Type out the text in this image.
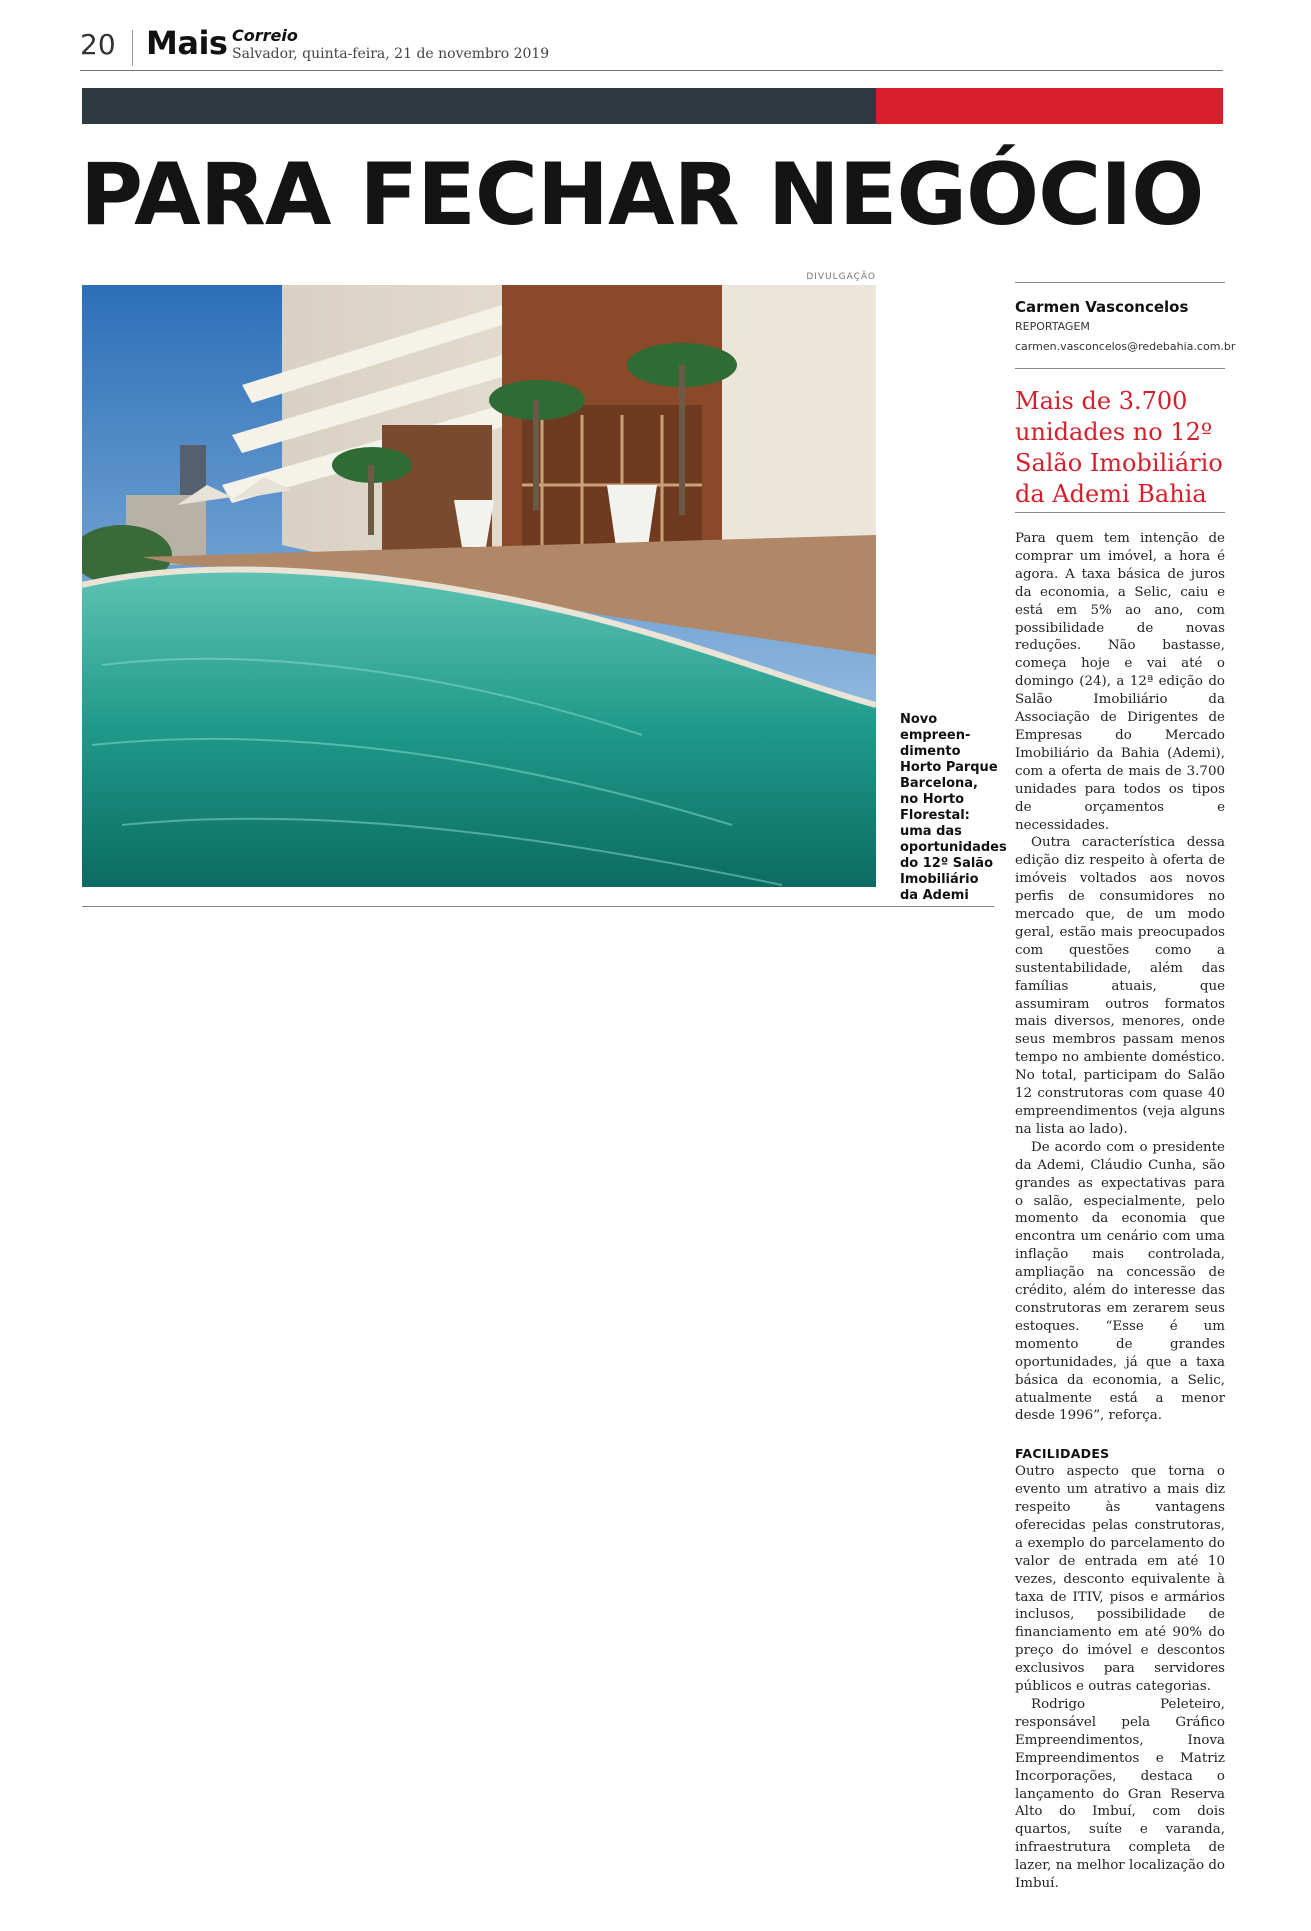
20 Mais Correio
Salvador, quinta-feira, 21 de novembro 2019
PARA FECHAR NEGÓCIO
DIVULGAÇÃO
Novo empreen-dimento Horto Parque Barcelona, no Horto Florestal: uma das oportunidades do 12º Salão Imobiliário da Ademi
Carmen Vasconcelos
REPORTAGEM
carmen.vasconcelos@redebahia.com.br
Mais de 3.700 unidades no 12º Salão Imobiliário da Ademi Bahia

Para quem tem intenção de comprar um imóvel, a hora é agora. A taxa básica de juros da economia, a Selic, caiu e está em 5% ao ano, com possibilidade de novas reduções. Não bastasse, começa hoje e vai até o domingo (24), a 12ª edição do Salão Imobiliário da Associação de Dirigentes de Empresas do Mercado Imobiliário da Bahia (Ademi), com a oferta de mais de 3.700 unidades para todos os tipos de orçamentos e necessidades.

Outra característica dessa edição diz respeito à oferta de imóveis voltados aos novos perfis de consumidores no mercado que, de um modo geral, estão mais preocupados com questões como a sustentabilidade, além das famílias atuais, que assumiram outros formatos mais diversos, menores, onde seus membros passam menos tempo no ambiente doméstico. No total, participam do Salão 12 construtoras com quase 40 empreendimentos (veja alguns na lista ao lado).

De acordo com o presidente da Ademi, Cláudio Cunha, são grandes as expectativas para o salão, especialmente, pelo momento da economia que encontra um cenário com uma inflação mais controlada, ampliação na concessão de crédito, além do interesse das construtoras em zerarem seus estoques. “Esse é um momento de grandes oportunidades, já que a taxa básica da economia, a Selic, atualmente está a menor desde 1996”, reforça.

FACILIDADES

Outro aspecto que torna o evento um atrativo a mais diz respeito às vantagens oferecidas pelas construtoras, a exemplo do parcelamento do valor de entrada em até 10 vezes, desconto equivalente à taxa de ITIV, pisos e armários inclusos, possibilidade de financiamento em até 90% do preço do imóvel e descontos exclusivos para servidores públicos e outras categorias.

Rodrigo Peleteiro, responsável pela Gráfico Empreendimentos, Inova Empreendimentos e Matriz Incorporações, destaca o lançamento do Gran Reserva Alto do Imbuí, com dois quartos, suíte e varanda, infraestrutura completa de lazer, na melhor localização do Imbuí.
